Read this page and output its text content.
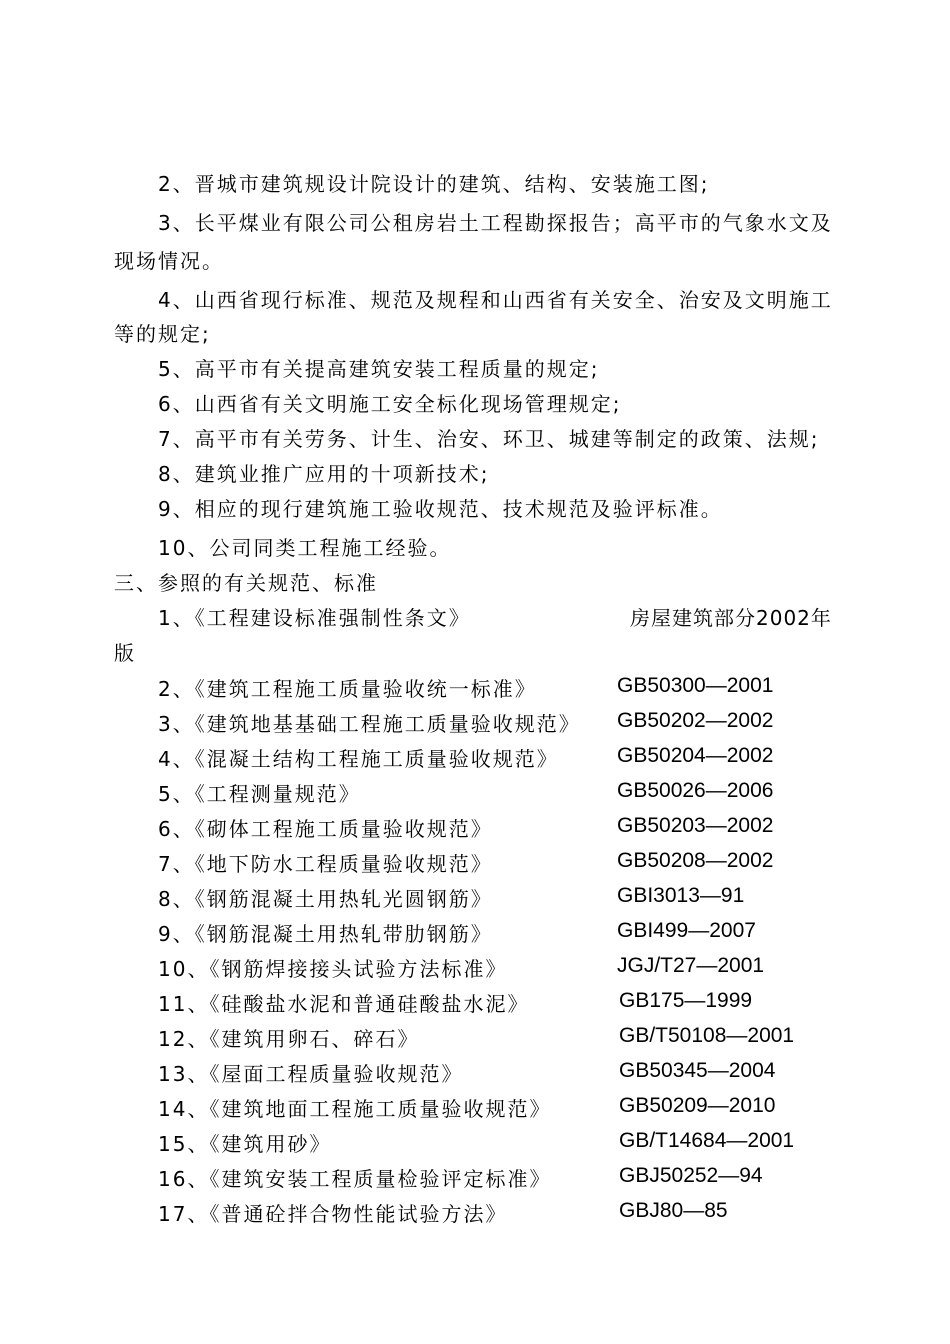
2、晋城市建筑规设计院设计的建筑、结构、安装施工图;
3、长平煤业有限公司公租房岩土工程勘探报告；高平市的气象水文及
现场情况。
4、山西省现行标准、规范及规程和山西省有关安全、治安及文明施工
等的规定;
5、高平市有关提高建筑安装工程质量的规定;
6、山西省有关文明施工安全标化现场管理规定;
7、高平市有关劳务、计生、治安、环卫、城建等制定的政策、法规;
8、建筑业推广应用的十项新技术;
9、相应的现行建筑施工验收规范、技术规范及验评标准。
10、公司同类工程施工经验。
三、参照的有关规范、标准
1、《工程建设标准强制性条文》	房屋建筑部分2002年
版
2、《建筑工程施工质量验收统一标准》	GB50300—2001
3、《建筑地基基础工程施工质量验收规范》 GB50202—2002
4、《混凝土结构工程施工质量验收规范》	GB50204—2002
5、《工程测量规范》	GB50026—2006
6、《砌体工程施工质量验收规范》	GB50203—2002
7、《地下防水工程质量验收规范》	GB50208—2002
8、《钢筋混凝土用热轧光圆钢筋》	GBI3013—91
9、《钢筋混凝土用热轧带肋钢筋》	GBI499—2007
10、《钢筋焊接接头试验方法标准》	JGJ/T27—2001
11、《硅酸盐水泥和普通硅酸盐水泥》	GB175—1999
12、《建筑用卵石、碎石》	GB/T50108—2001
13、《屋面工程质量验收规范》	GB50345—2004
14、《建筑地面工程施工质量验收规范》	GB50209—2010
15、《建筑用砂》	GB/T14684—2001
16、《建筑安装工程质量检验评定标准》	GBJ50252—94
17、《普通砼拌合物性能试验方法》	GBJ80—85
